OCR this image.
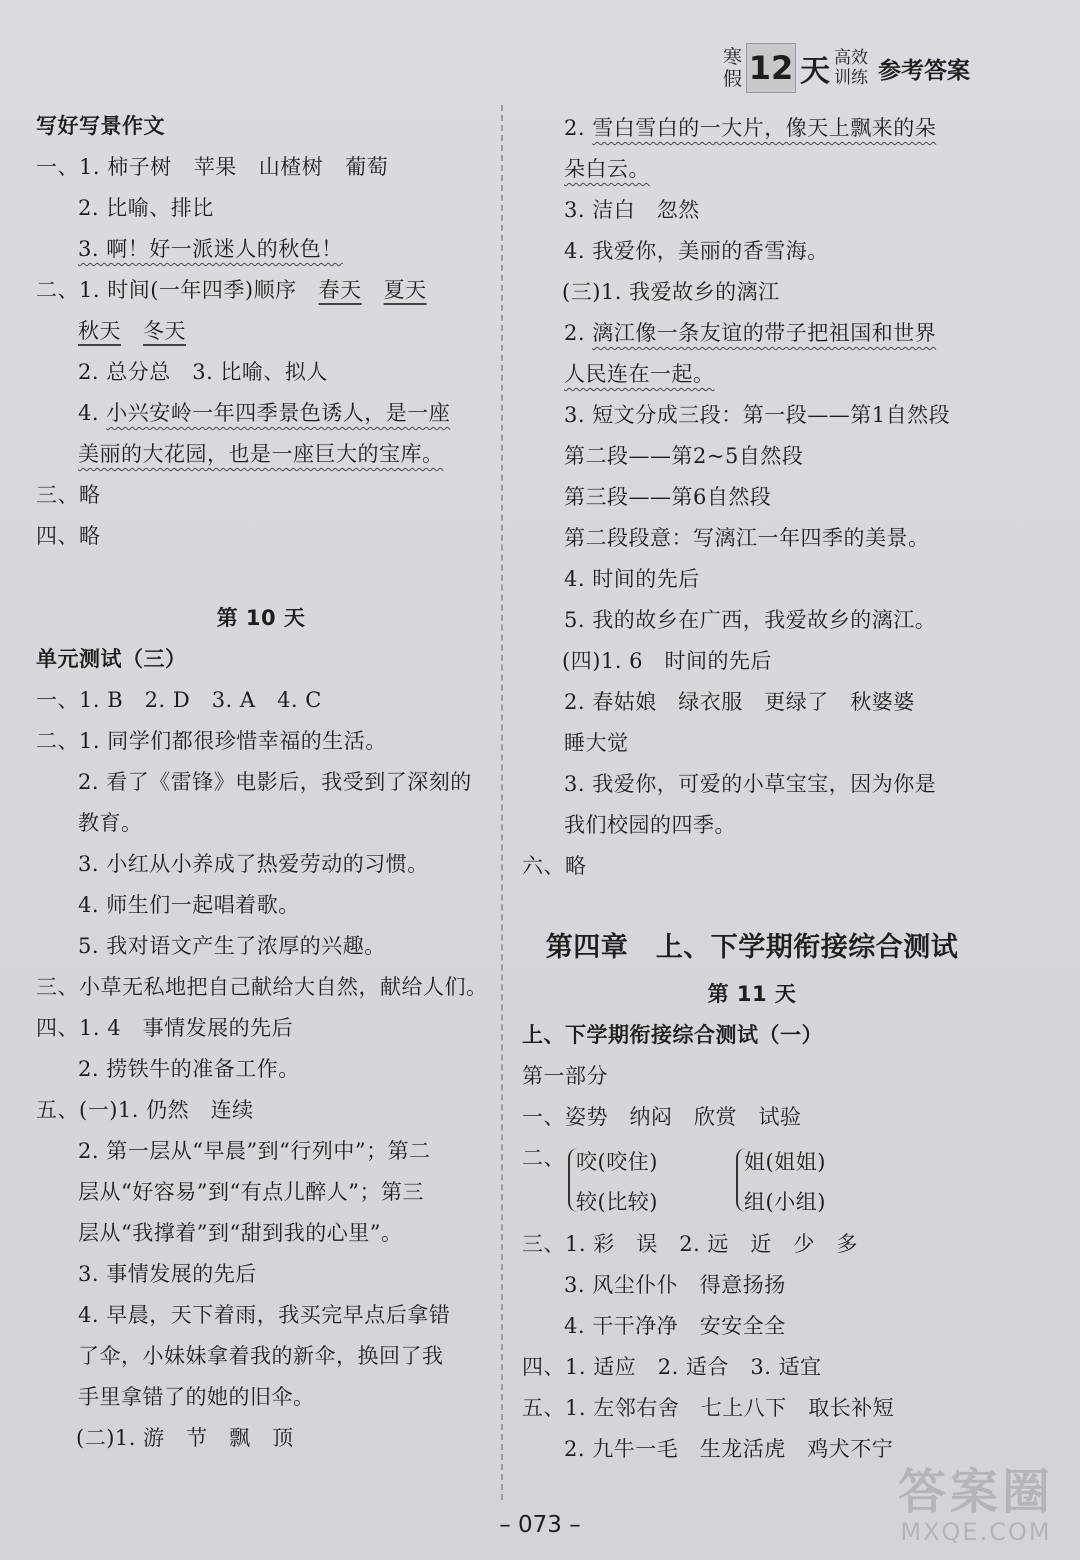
寒
假 12 天 高效
训练 参考答案
写好写景作文
一、1. 柿子树 苹果 山楂树 葡萄
2. 比喻、排比
3. 啊！好一派迷人的秋色！
二、1. 时间(一年四季)顺序 春天 夏天
秋天 冬天
2. 总分总　3. 比喻、拟人
4. 小兴安岭一年四季景色诱人，是一座
美丽的大花园，也是一座巨大的宝库。
三、略
四、略
第 10 天
单元测试（三）
一、1. B　2. D　3. A　4. C
二、1. 同学们都很珍惜幸福的生活。
2. 看了《雷锋》电影后，我受到了深刻的
教育。
3. 小红从小养成了热爱劳动的习惯。
4. 师生们一起唱着歌。
5. 我对语文产生了浓厚的兴趣。
三、小草无私地把自己献给大自然，献给人们。
四、1. 4　事情发展的先后
2. 捞铁牛的准备工作。
五、(一)1. 仍然　连续
2. 第一层从“早晨”到“行列中”；第二
层从“好容易”到“有点儿醉人”；第三
层从“我撑着”到“甜到我的心里”。
3. 事情发展的先后
4. 早晨，天下着雨，我买完早点后拿错
了伞，小妹妹拿着我的新伞，换回了我
手里拿错了的她的旧伞。
(二)1. 游　节　飘　顶
2. 雪白雪白的一大片，像天上飘来的朵
朵白云。
3. 洁白　忽然
4. 我爱你，美丽的香雪海。
(三)1. 我爱故乡的漓江
2. 漓江像一条友谊的带子把祖国和世界
人民连在一起。
3. 短文分成三段：第一段——第1自然段
第二段——第2~5自然段
第三段——第6自然段
第二段段意：写漓江一年四季的美景。
4. 时间的先后
5. 我的故乡在广西，我爱故乡的漓江。
(四)1. 6　时间的先后
2. 春姑娘　绿衣服　更绿了　秋婆婆
睡大觉
3. 我爱你，可爱的小草宝宝，因为你是
我们校园的四季。
六、略
第四章　上、下学期衔接综合测试
第 11 天
上、下学期衔接综合测试（一）
第一部分
一、姿势　纳闷　欣赏　试验
二、 咬(咬住)
较(比较)
姐(姐姐)
组(小组)
三、1. 彩　误　2. 远　近　少　多
3. 风尘仆仆　得意扬扬
4. 干干净净　安安全全
四、1. 适应　2. 适合　3. 适宜
五、1. 左邻右舍　七上八下　取长补短
2. 九牛一毛　生龙活虎　鸡犬不宁
– 073 –
答案圈
MXQE.COM
